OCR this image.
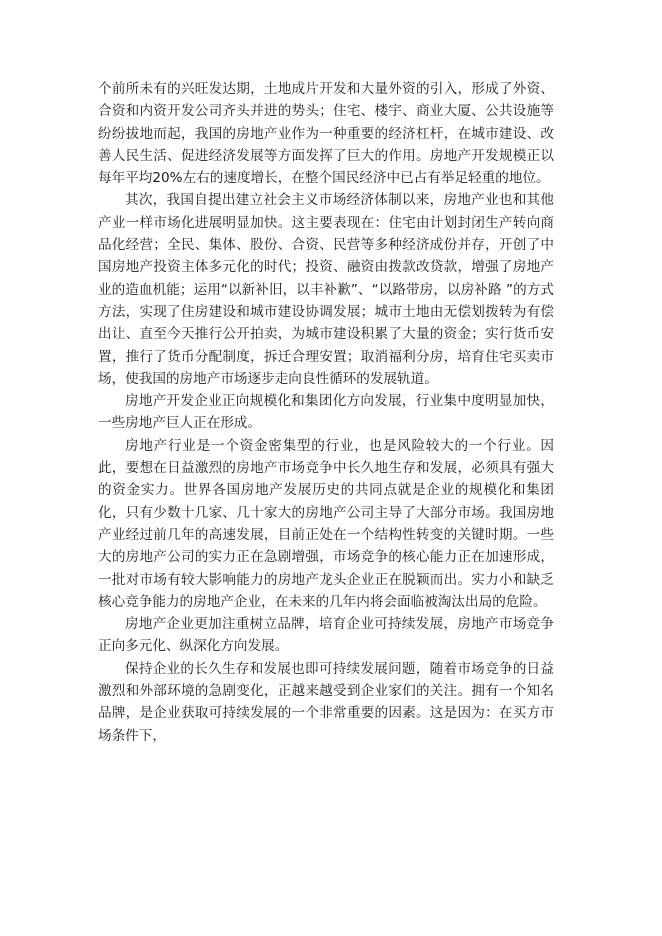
个前所未有的兴旺发达期，土地成片开发和大量外资的引入，形成了外资、合资和内资开发公司齐头并进的势头；住宅、楼宇、商业大厦、公共设施等纷纷拔地而起，我国的房地产业作为一种重要的经济杠杆，在城市建设、改善人民生活、促进经济发展等方面发挥了巨大的作用。房地产开发规模正以每年平均20%左右的速度增长，在整个国民经济中已占有举足轻重的地位。

其次，我国自提出建立社会主义市场经济体制以来，房地产业也和其他产业一样市场化进展明显加快。这主要表现在：住宅由计划封闭生产转向商品化经营；全民、集体、股份、合资、民营等多种经济成份并存，开创了中国房地产投资主体多元化的时代；投资、融资由拨款改贷款，增强了房地产业的造血机能；运用“以新补旧，以丰补歉”、“以路带房，以房补路 ”的方式方法，实现了住房建设和城市建设协调发展；城市土地由无偿划拨转为有偿出让、直至今天推行公开拍卖，为城市建设积累了大量的资金；实行货币安置，推行了货币分配制度，拆迁合理安置；取消福利分房，培育住宅买卖市场，使我国的房地产市场逐步走向良性循环的发展轨道。

房地产开发企业正向规模化和集团化方向发展，行业集中度明显加快，一些房地产巨人正在形成。

房地产行业是一个资金密集型的行业，也是风险较大的一个行业。因此，要想在日益激烈的房地产市场竞争中长久地生存和发展，必须具有强大的资金实力。世界各国房地产发展历史的共同点就是企业的规模化和集团化，只有少数十几家、几十家大的房地产公司主导了大部分市场。我国房地产业经过前几年的高速发展，目前正处在一个结构性转变的关键时期。一些大的房地产公司的实力正在急剧增强，市场竞争的核心能力正在加速形成，一批对市场有较大影响能力的房地产龙头企业正在脱颖而出。实力小和缺乏核心竞争能力的房地产企业，在未来的几年内将会面临被淘汰出局的危险。

房地产企业更加注重树立品牌，培育企业可持续发展，房地产市场竞争正向多元化、纵深化方向发展。

保持企业的长久生存和发展也即可持续发展问题，随着市场竞争的日益激烈和外部环境的急剧变化，正越来越受到企业家们的关注。拥有一个知名品牌，是企业获取可持续发展的一个非常重要的因素。这是因为：在买方市场条件下，
